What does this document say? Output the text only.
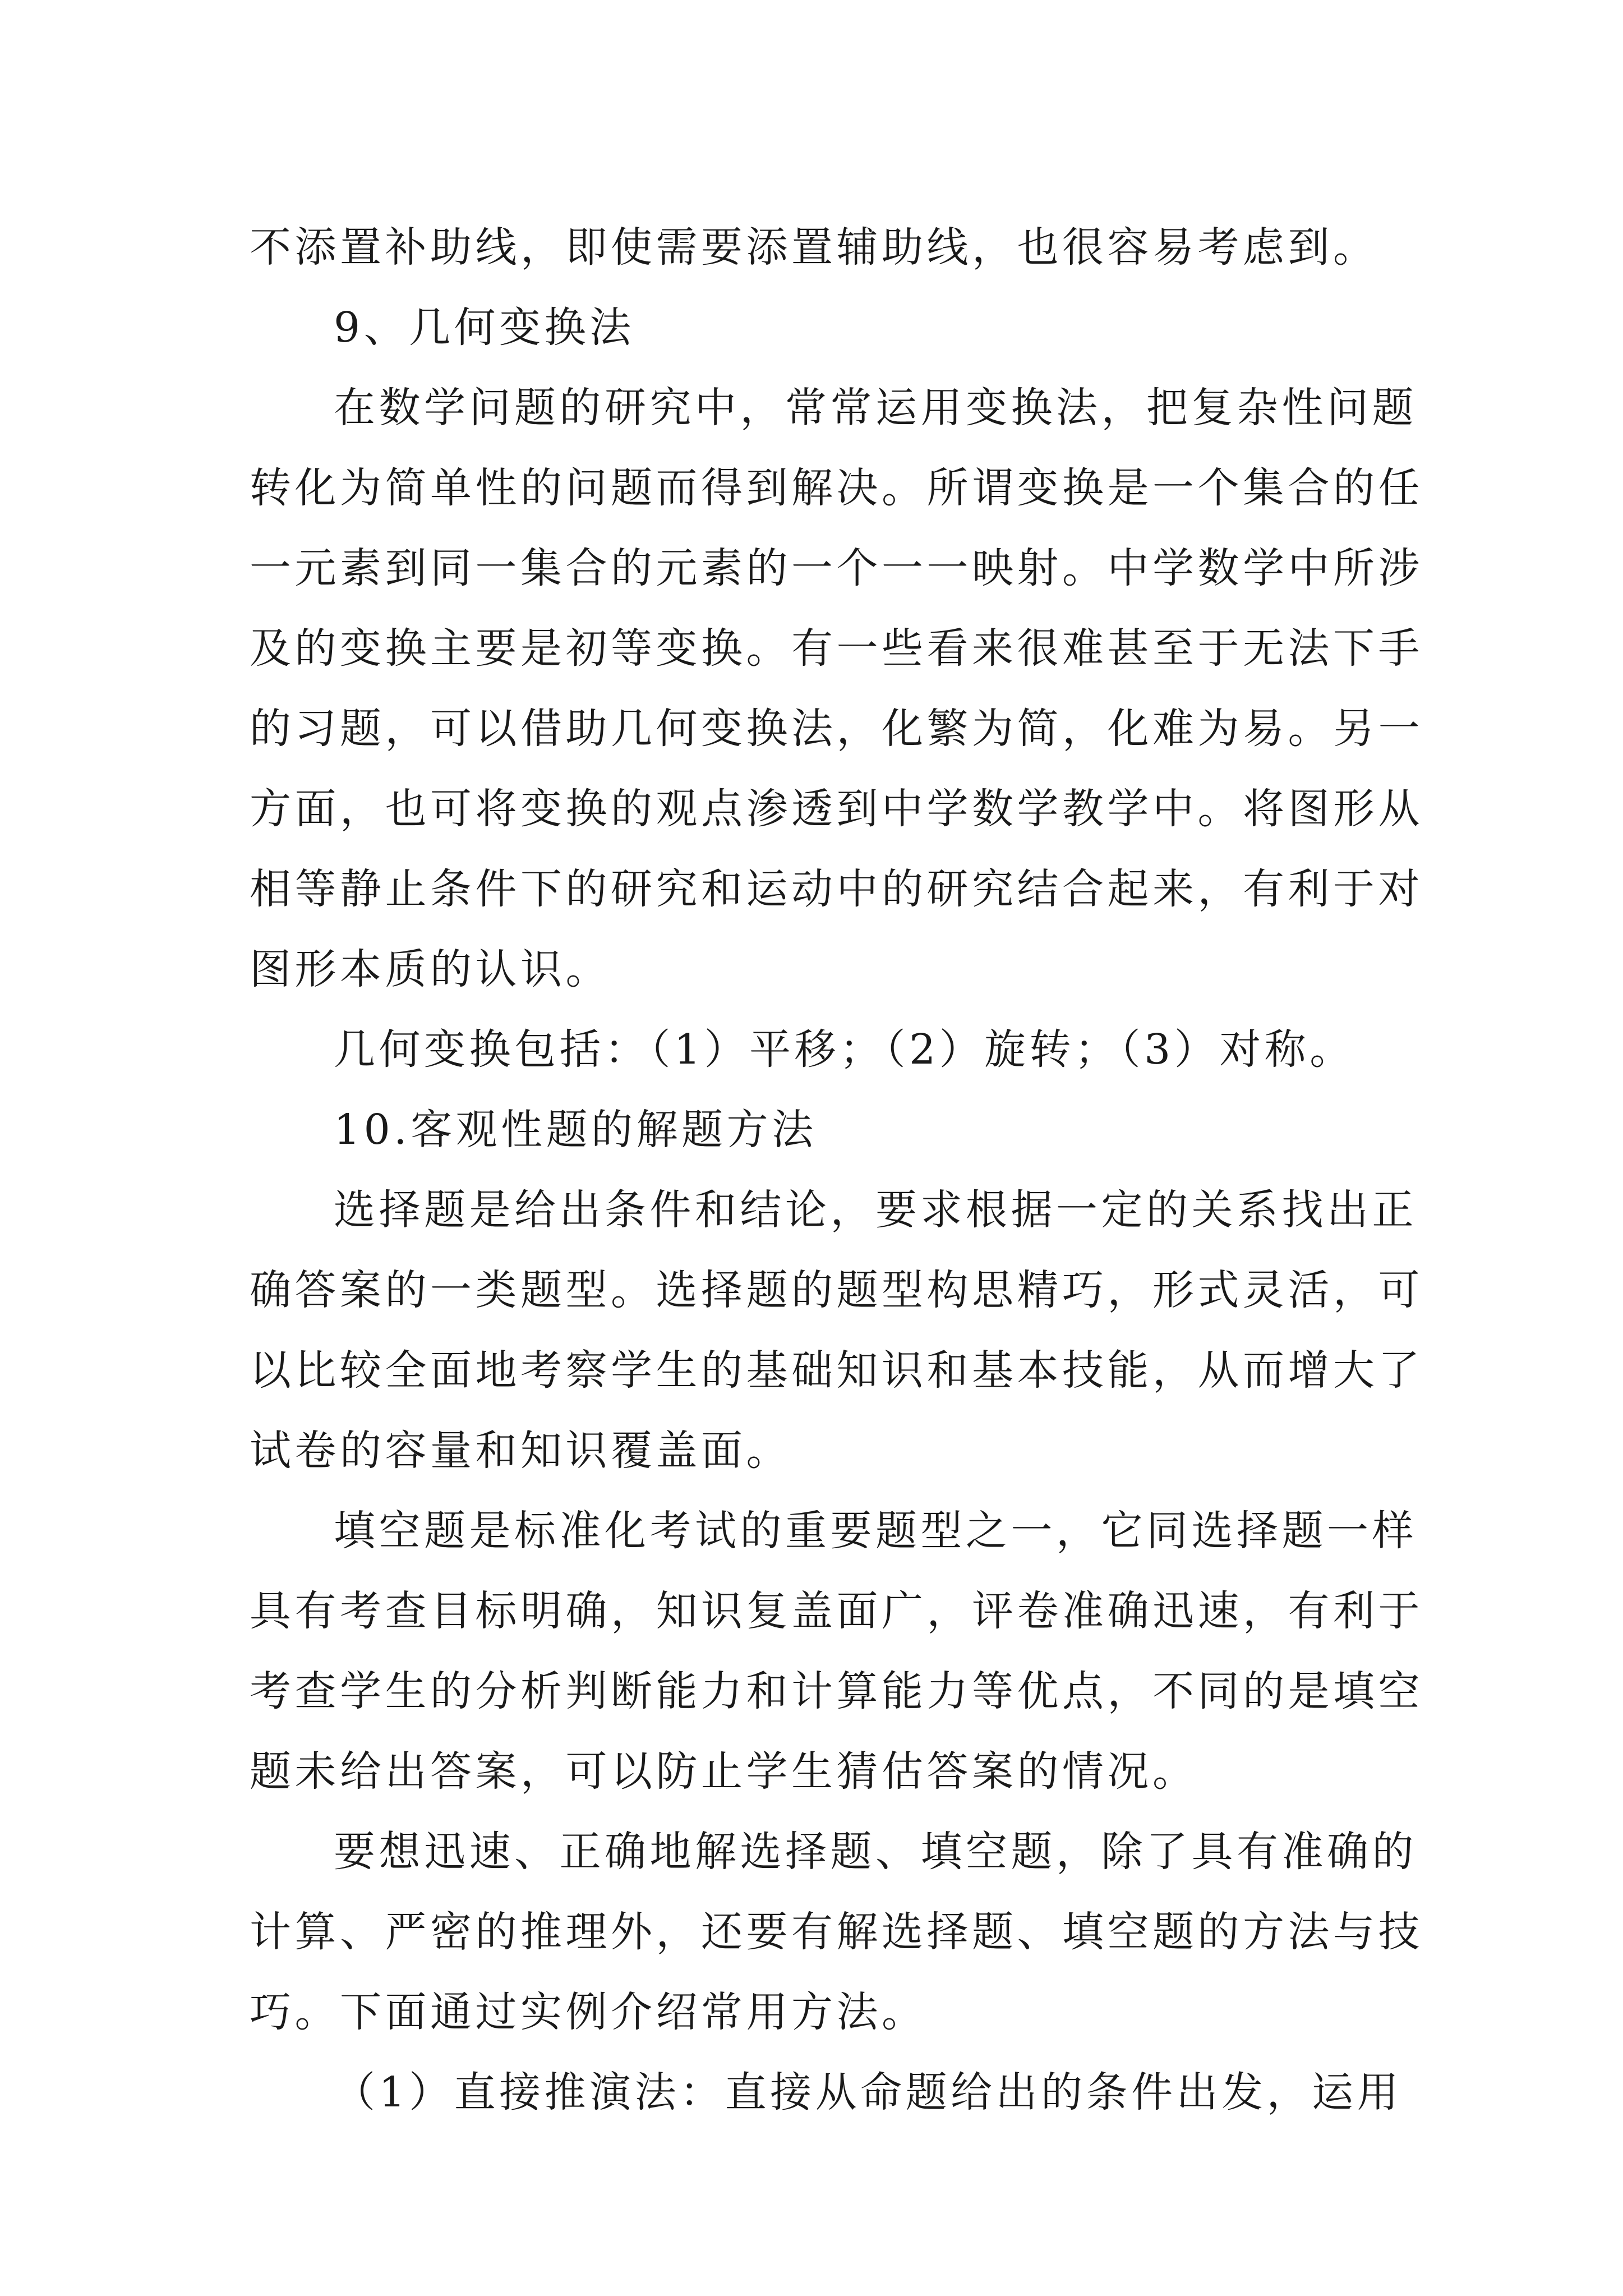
不添置补助线，即使需要添置辅助线，也很容易考虑到。
9、几何变换法
在数学问题的研究中，常常运用变换法，把复杂性问题
转化为简单性的问题而得到解决。所谓变换是一个集合的任
一元素到同一集合的元素的一个一一映射。中学数学中所涉
及的变换主要是初等变换。有一些看来很难甚至于无法下手
的习题，可以借助几何变换法，化繁为简，化难为易。另一
方面，也可将变换的观点渗透到中学数学教学中。将图形从
相等静止条件下的研究和运动中的研究结合起来，有利于对
图形本质的认识。
几何变换包括：（1）平移；（2）旋转；（3）对称。
10.客观性题的解题方法
选择题是给出条件和结论，要求根据一定的关系找出正
确答案的一类题型。选择题的题型构思精巧，形式灵活，可
以比较全面地考察学生的基础知识和基本技能，从而增大了
试卷的容量和知识覆盖面。
填空题是标准化考试的重要题型之一，它同选择题一样
具有考查目标明确，知识复盖面广，评卷准确迅速，有利于
考查学生的分析判断能力和计算能力等优点，不同的是填空
题未给出答案，可以防止学生猜估答案的情况。
要想迅速、正确地解选择题、填空题，除了具有准确的
计算、严密的推理外，还要有解选择题、填空题的方法与技
巧。下面通过实例介绍常用方法。
（1）直接推演法：直接从命题给出的条件出发，运用
